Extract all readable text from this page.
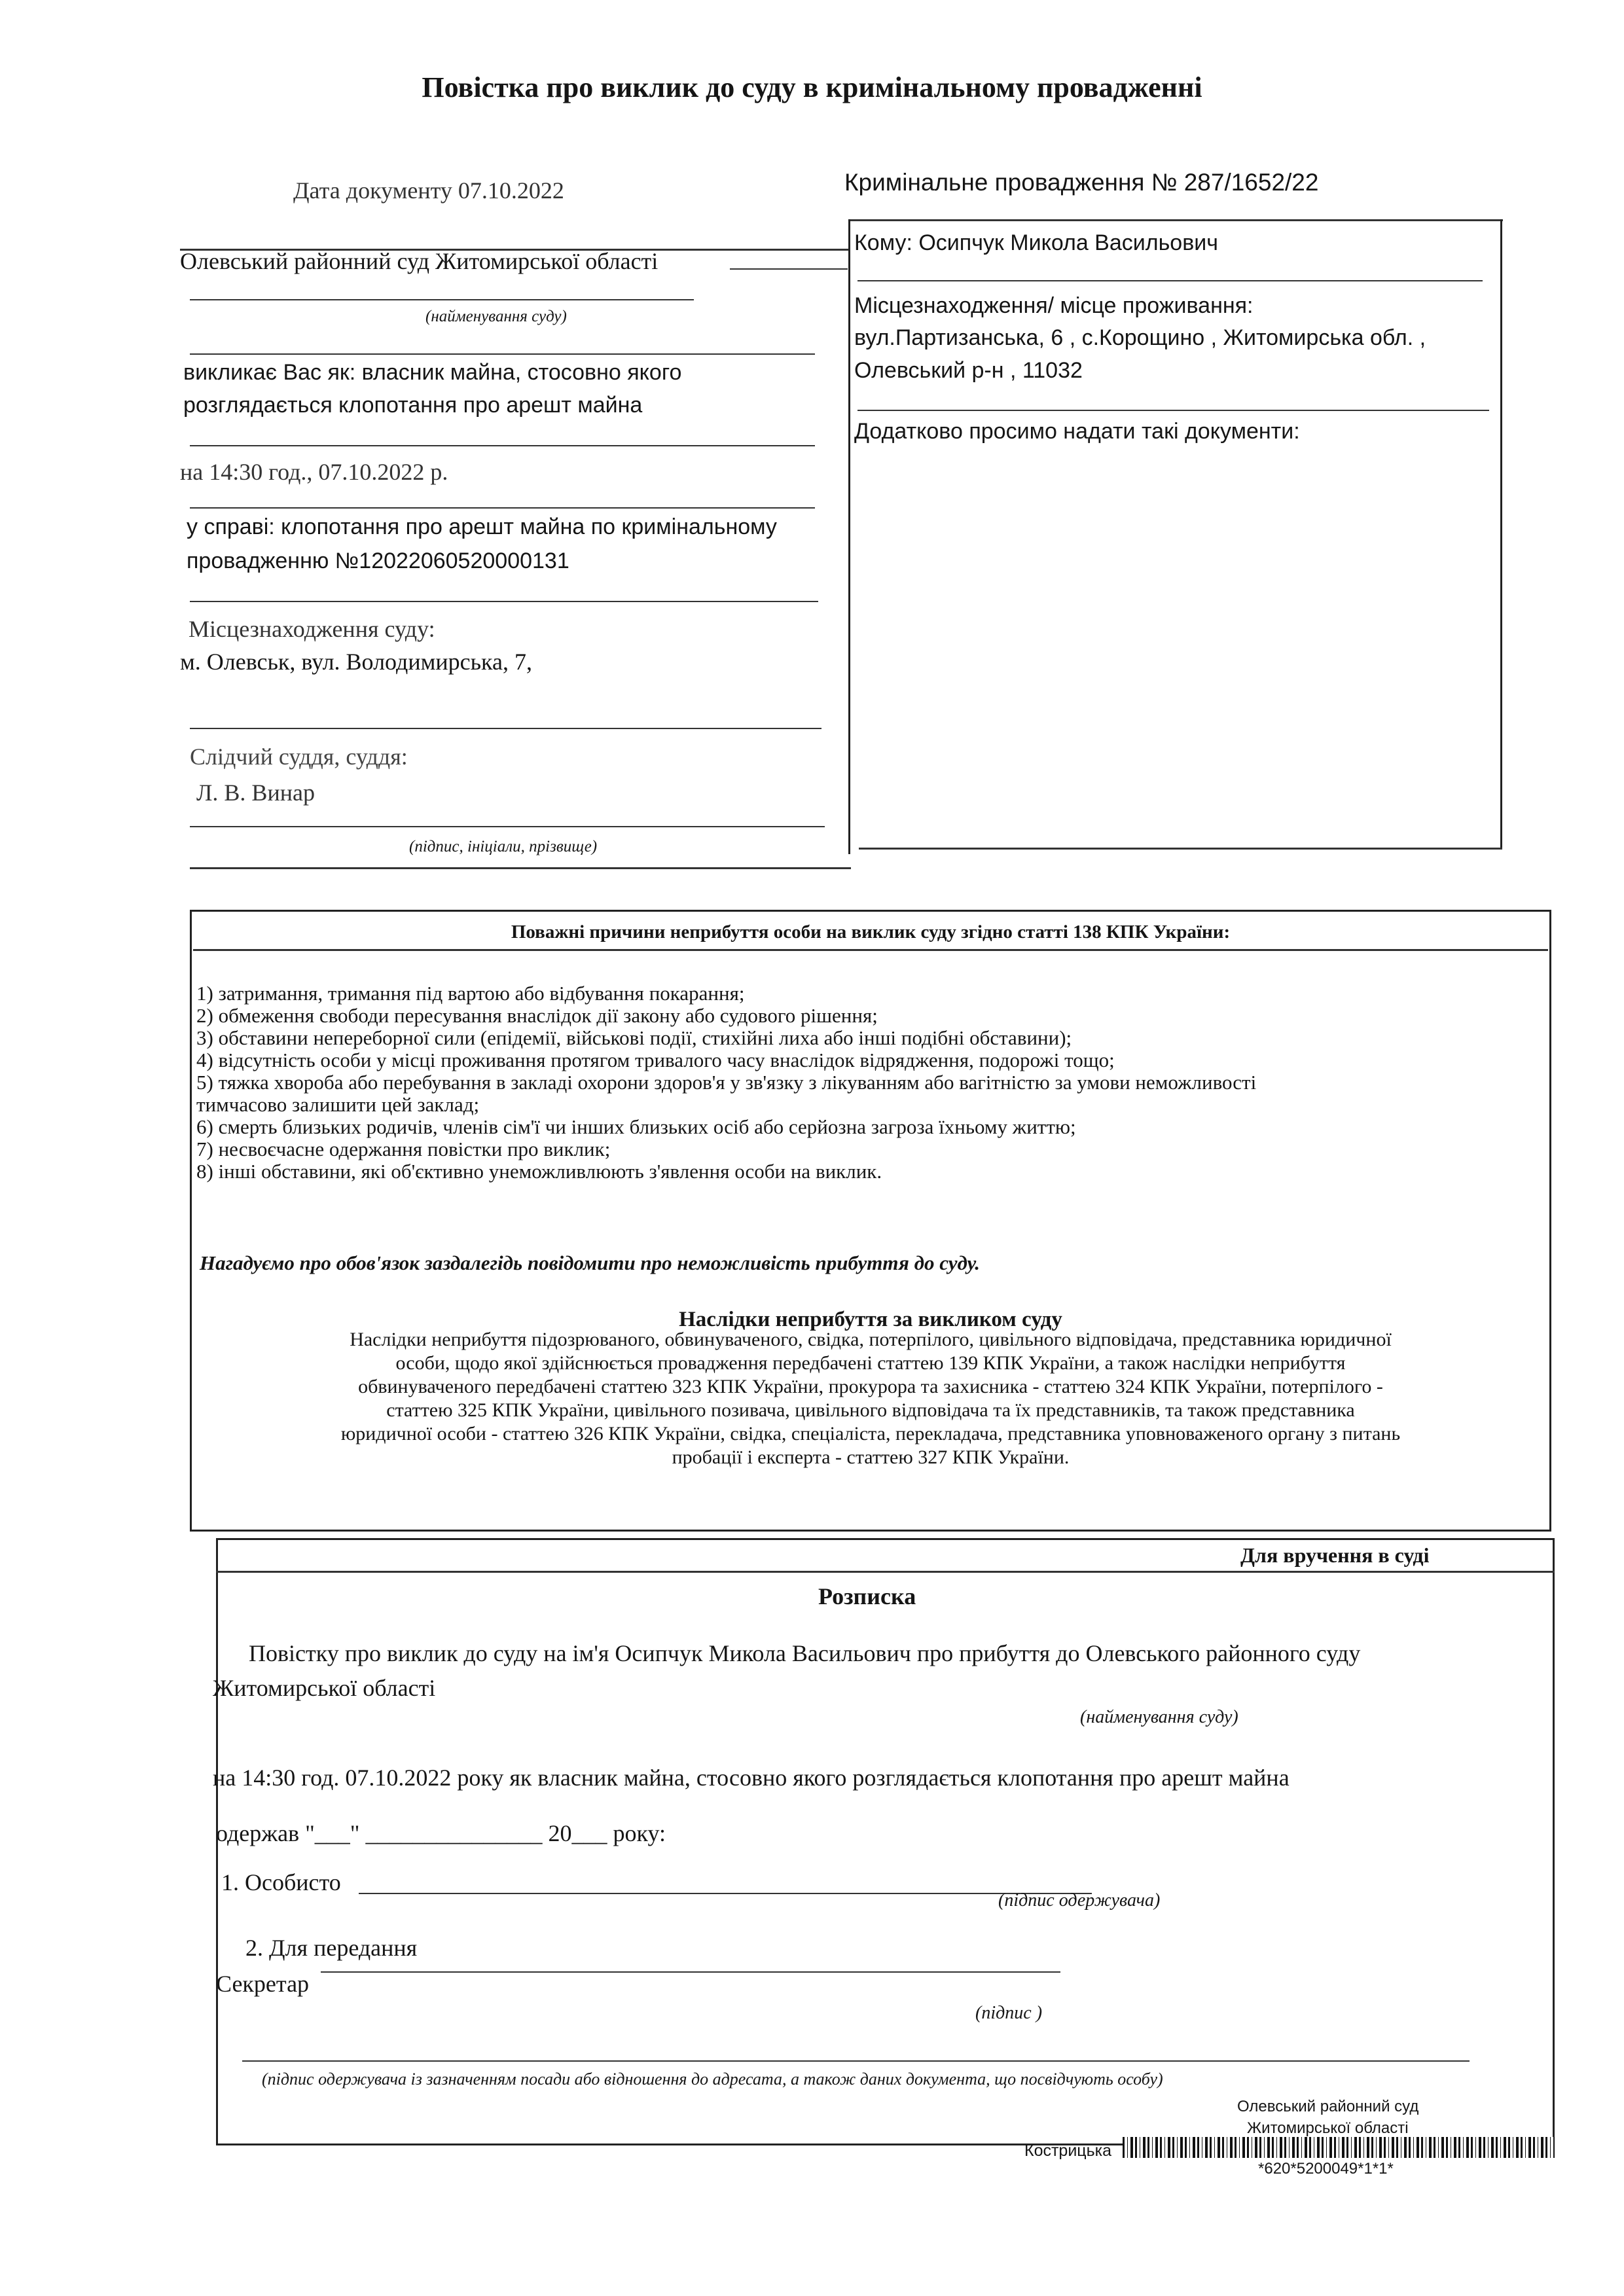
Повістка про виклик до суду в кримінальному провадженні
Дата документу 07.10.2022	Кримінальне провадження № 287/1652/22
Олевський районний суд Житомирської області
(найменування суду)
викликає Вас як: власник майна, стосовно якого
розглядається клопотання про арешт майна
на 14:30 год., 07.10.2022 р.
у справі: клопотання про арешт майна по кримінальному
провадженню №12022060520000131
Місцезнаходження суду:
м. Олевськ, вул. Володимирська, 7,
Слідчий суддя, суддя:
Л. В. Винар
(підпис, ініціали, прізвище)
Кому: Осипчук Микола Васильович
Місцезнаходження/ місце проживання:
вул.Партизанська, 6 , с.Корощино , Житомирська обл. ,
Олевський р-н , 11032
Додатково просимо надати такі документи:
Поважні причини неприбуття особи на виклик суду згідно статті 138 КПК України:
1) затримання, тримання під вартою або відбування покарання;
2) обмеження свободи пересування внаслідок дії закону або судового рішення;
3) обставини непереборної сили (епідемії, військові події, стихійні лиха або інші подібні обставини);
4) відсутність особи у місці проживання протягом тривалого часу внаслідок відрядження, подорожі тощо;
5) тяжка хвороба або перебування в закладі охорони здоров'я у зв'язку з лікуванням або вагітністю за умови неможливості
тимчасово залишити цей заклад;
6) смерть близьких родичів, членів сім'ї чи інших близьких осіб або серйозна загроза їхньому життю;
7) несвоєчасне одержання повістки про виклик;
8) інші обставини, які об'єктивно унеможливлюють з'явлення особи на виклик.
Нагадуємо про обов'язок заздалегідь повідомити про неможливість прибуття до суду.
Наслідки неприбуття за викликом суду
Наслідки неприбуття підозрюваного, обвинуваченого, свідка, потерпілого, цивільного відповідача, представника юридичної
особи, щодо якої здійснюється провадження передбачені статтею 139 КПК України, а також наслідки неприбуття
обвинуваченого передбачені статтею 323 КПК України, прокурора та захисника - статтею 324 КПК України, потерпілого -
статтею 325 КПК України, цивільного позивача, цивільного відповідача та їх представників, та також представника
юридичної особи - статтею 326 КПК України, свідка, спеціаліста, перекладача, представника уповноваженого органу з питань
пробації і експерта - статтею 327 КПК України.
Для вручення в суді
Розписка
Повістку про виклик до суду на ім'я Осипчук Микола Васильович про прибуття до Олевського районного суду
Житомирської області
(найменування суду)
на 14:30 год. 07.10.2022 року як власник майна, стосовно якого розглядається клопотання про арешт майна
одержав "___" _______________ 20___ року:
1. Особисто
(підпис одержувача)
2. Для передання
Секретар
(підпис )
(підпис одержувача із зазначенням посади або відношення до адресата, а також даних документа, що посвідчують особу)
Олевський районний суд
Житомирської області
Кострицька
*620*5200049*1*1*
